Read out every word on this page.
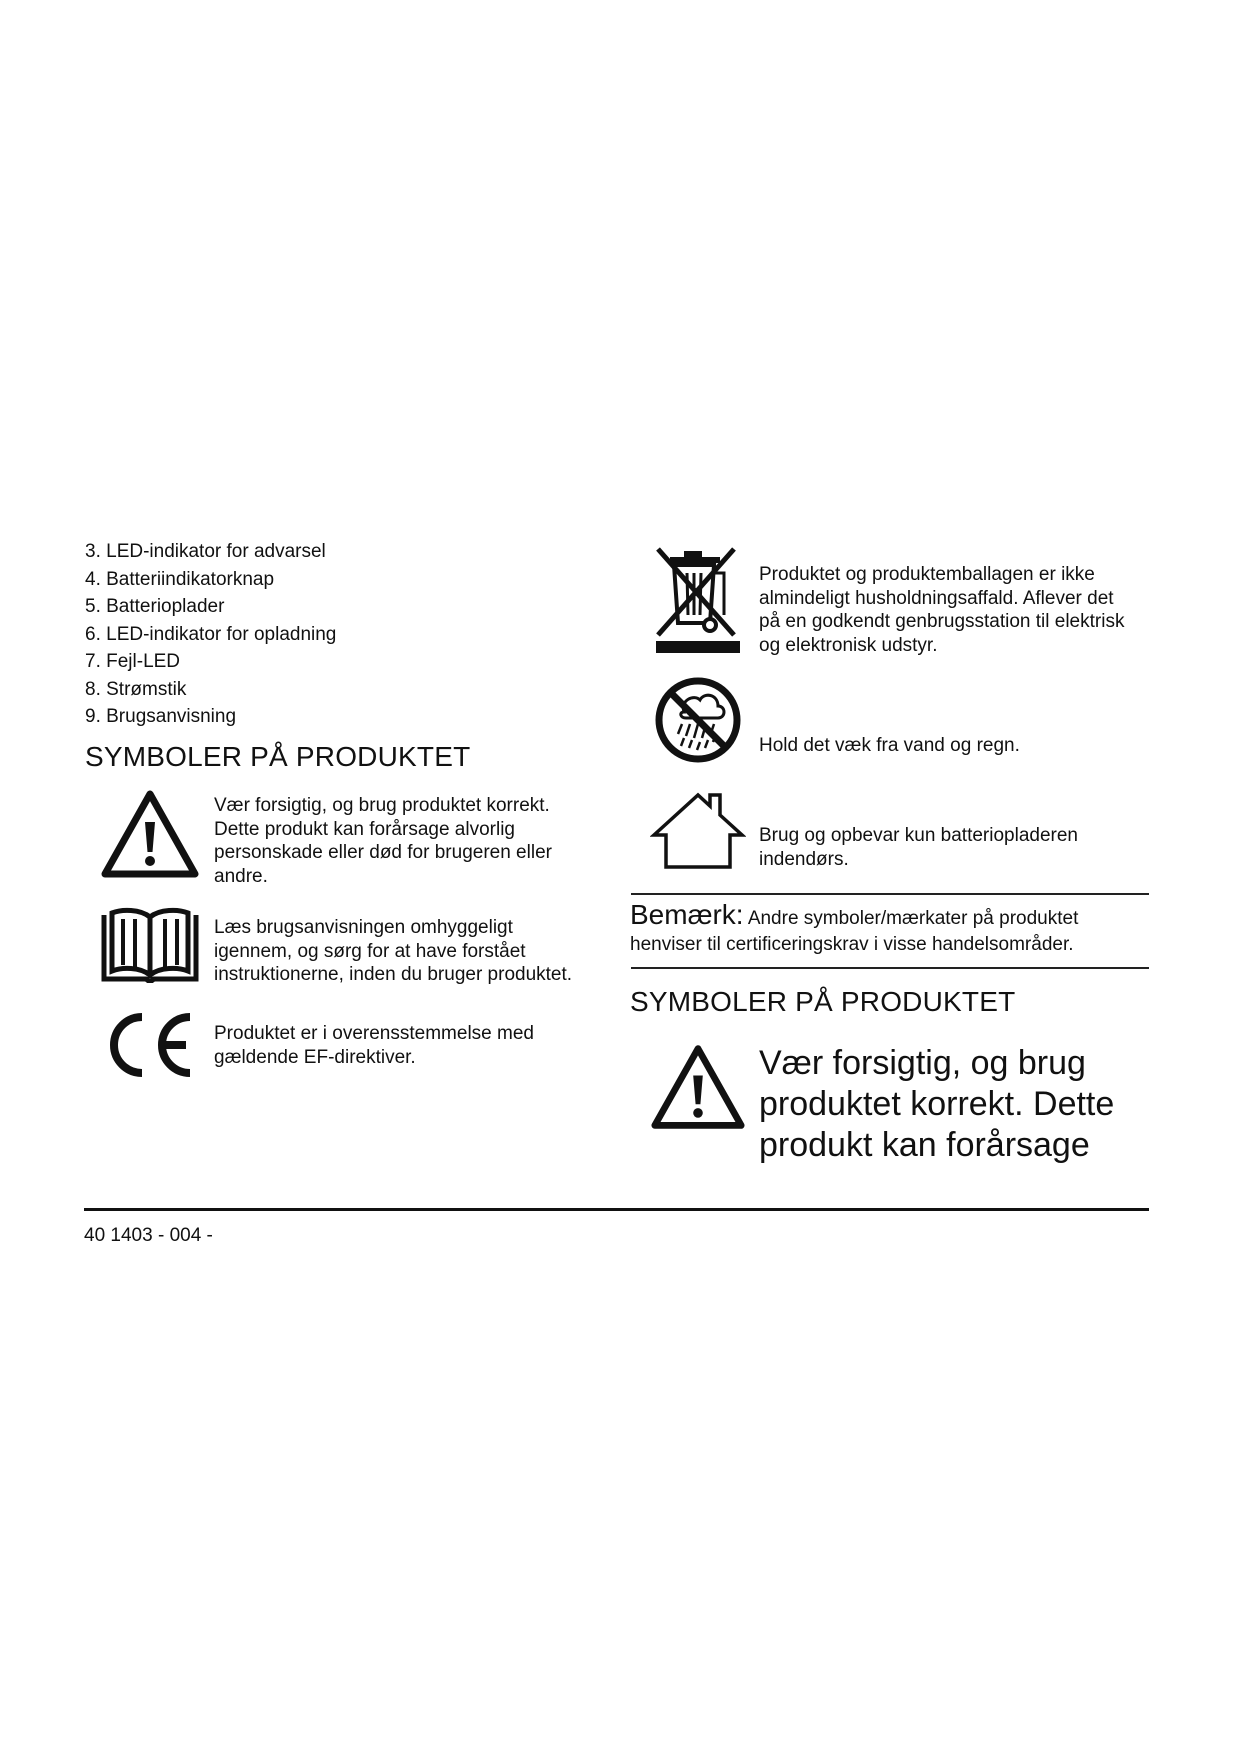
3. LED-indikator for advarsel
4. Batteriindikatorknap
5. Batterioplader
6. LED-indikator for opladning
7. Fejl-LED
8. Strømstik
9. Brugsanvisning
SYMBOLER PÅ PRODUKTET
Vær forsigtig, og brug produktet korrekt.
Dette produkt kan forårsage alvorlig
personskade eller død for brugeren eller
andre.
Læs brugsanvisningen omhyggeligt
igennem, og sørg for at have forstået
instruktionerne, inden du bruger produktet.
Produktet er i overensstemmelse med
gældende EF-direktiver.
Produktet og produktemballagen er ikke
almindeligt husholdningsaffald. Aflever det
på en godkendt genbrugsstation til elektrisk
og elektronisk udstyr.
Hold det væk fra vand og regn.
Brug og opbevar kun batteriopladeren
indendørs.
Bemærk: Andre symboler/mærkater på produktet
henviser til certificeringskrav i visse handelsområder.
SYMBOLER PÅ PRODUKTET
Vær forsigtig, og brug
produktet korrekt. Dette
produkt kan forårsage
40 1403 - 004 -
